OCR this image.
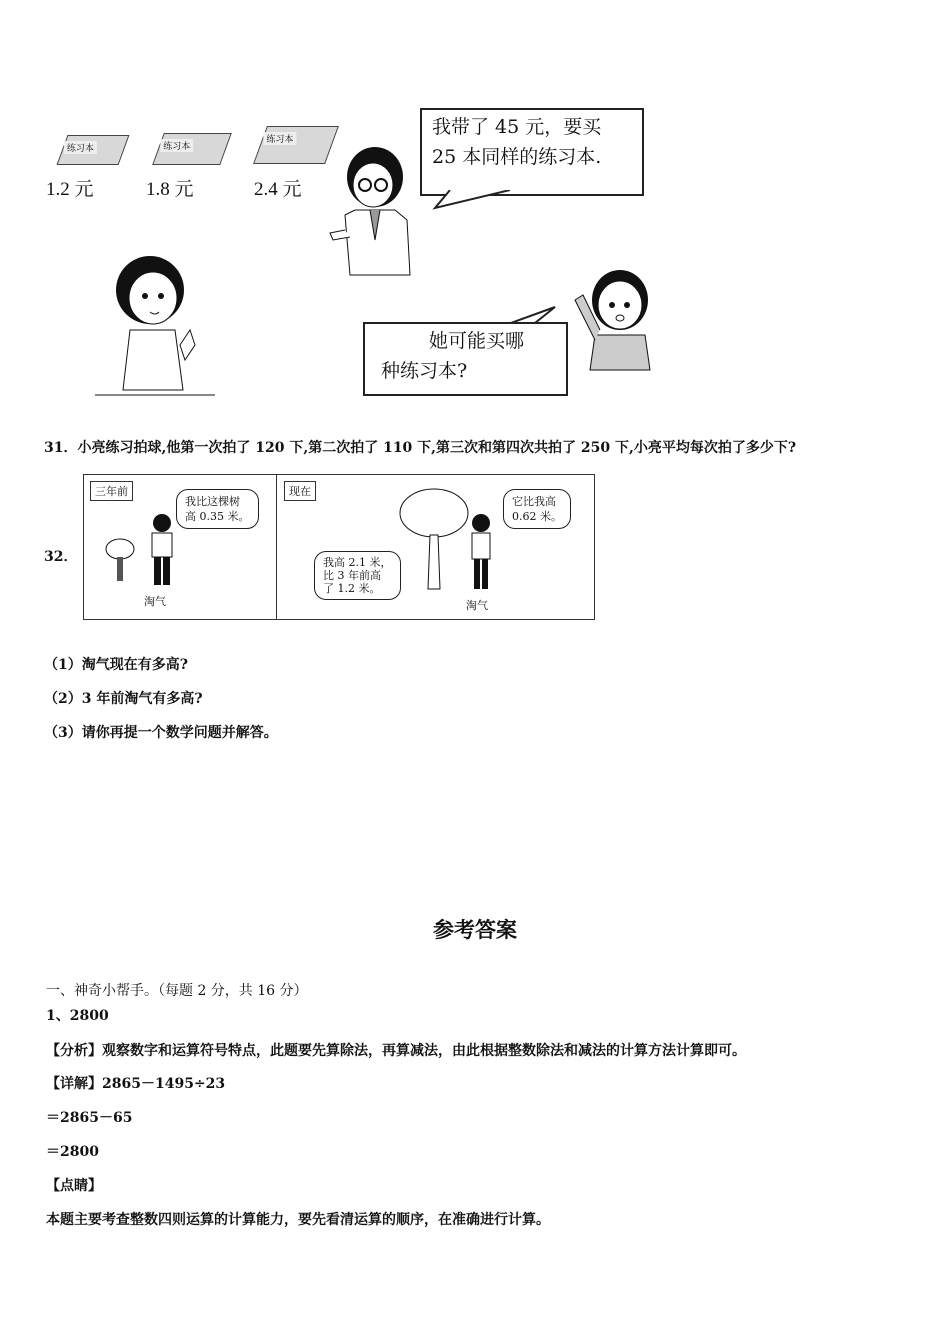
练习本	练习本
练习本
1.2 元	1.8 元	2.4 元
我带了 45 元，要买
25 本同样的练习本.
她可能买哪
种练习本?
31．小亮练习拍球,他第一次拍了 120 下,第二次拍了 110 下,第三次和第四次共拍了 250 下,小亮平均每次拍了多少下?
32．
三年前
我比这棵树
高 0.35 米。
淘气
现在
我高 2.1 米，
比 3 年前高
了 1.2 米。
它比我高
0.62 米。
淘气
（1）淘气现在有多高?
（2）3 年前淘气有多高?
（3）请你再提一个数学问题并解答。
参考答案
一、神奇小帮手。（每题 2 分，共 16 分）
1、2800
【分析】观察数字和运算符号特点，此题要先算除法，再算减法，由此根据整数除法和减法的计算方法计算即可。
【详解】2865－1495÷23
＝2865－65
＝2800
【点睛】
本题主要考查整数四则运算的计算能力，要先看清运算的顺序，在准确进行计算。
